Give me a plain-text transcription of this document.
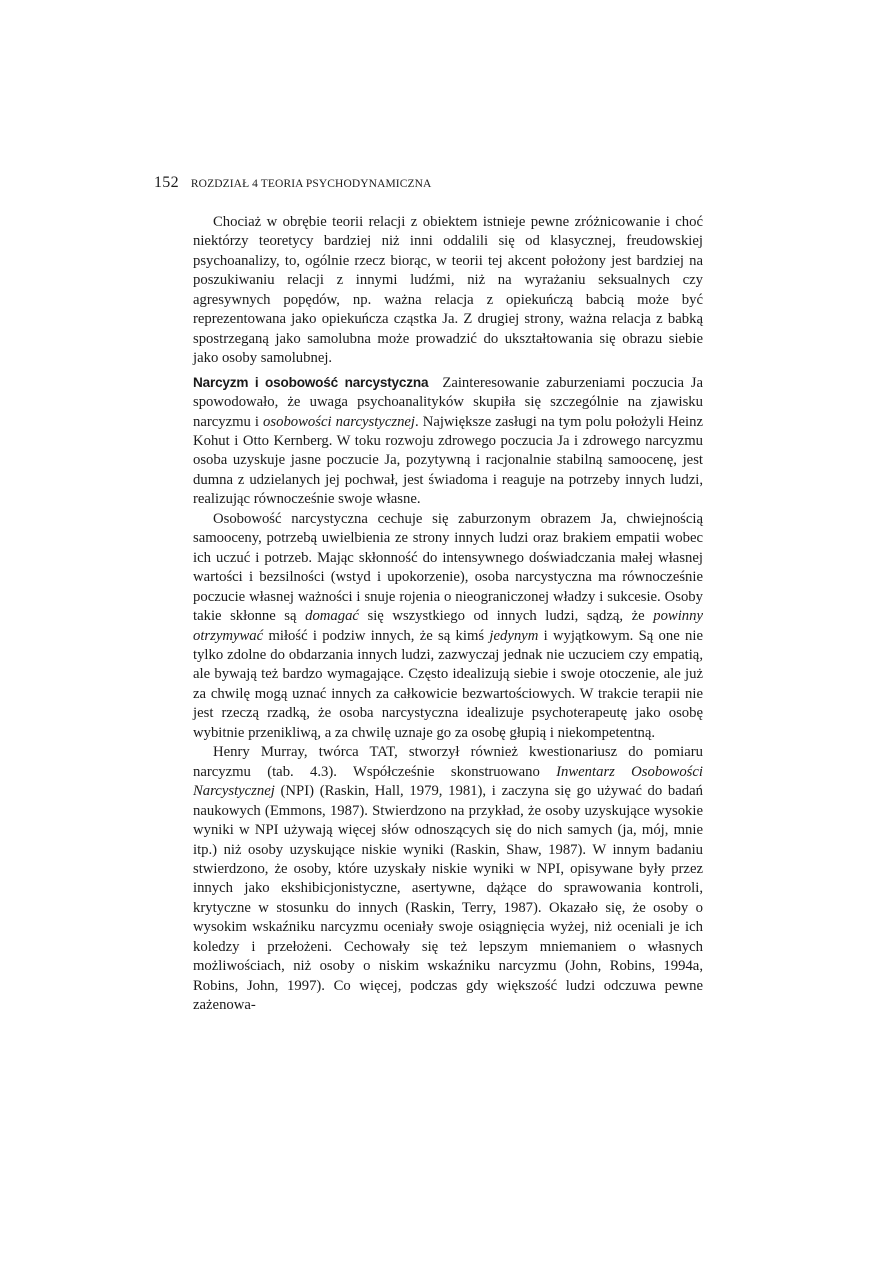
152 ROZDZIAŁ 4 TEORIA PSYCHODYNAMICZNA

Chociaż w obrębie teorii relacji z obiektem istnieje pewne zróżnicowanie i choć niektórzy teoretycy bardziej niż inni oddalili się od klasycznej, freudowskiej psychoanalizy, to, ogólnie rzecz biorąc, w teorii tej akcent położony jest bardziej na poszukiwaniu relacji z innymi ludźmi, niż na wyrażaniu seksualnych czy agresywnych popędów, np. ważna relacja z opiekuńczą babcią może być reprezentowana jako opiekuńcza cząstka Ja. Z drugiej strony, ważna relacja z babką spostrzeganą jako samolubna może prowadzić do ukształtowania się obrazu siebie jako osoby samolubnej.

Narcyzm i osobowość narcystyczna Zainteresowanie zaburzeniami poczucia Ja spowodowało, że uwaga psychoanalityków skupiła się szczególnie na zjawisku narcyzmu i osobowości narcystycznej. Największe zasługi na tym polu położyli Heinz Kohut i Otto Kernberg. W toku rozwoju zdrowego poczucia Ja i zdrowego narcyzmu osoba uzyskuje jasne poczucie Ja, pozytywną i racjonalnie stabilną samoocenę, jest dumna z udzielanych jej pochwał, jest świadoma i reaguje na potrzeby innych ludzi, realizując równocześnie swoje własne.

Osobowość narcystyczna cechuje się zaburzonym obrazem Ja, chwiejnością samooceny, potrzebą uwielbienia ze strony innych ludzi oraz brakiem empatii wobec ich uczuć i potrzeb. Mając skłonność do intensywnego doświadczania małej własnej wartości i bezsilności (wstyd i upokorzenie), osoba narcystyczna ma równocześnie poczucie własnej ważności i snuje rojenia o nieograniczonej władzy i sukcesie. Osoby takie skłonne są domagać się wszystkiego od innych ludzi, sądzą, że powinny otrzymywać miłość i podziw innych, że są kimś jedynym i wyjątkowym. Są one nie tylko zdolne do obdarzania innych ludzi, zazwyczaj jednak nie uczuciem czy empatią, ale bywają też bardzo wymagające. Często idealizują siebie i swoje otoczenie, ale już za chwilę mogą uznać innych za całkowicie bezwartościowych. W trakcie terapii nie jest rzeczą rzadką, że osoba narcystyczna idealizuje psychoterapeutę jako osobę wybitnie przenikliwą, a za chwilę uznaje go za osobę głupią i niekompetentną.

Henry Murray, twórca TAT, stworzył również kwestionariusz do pomiaru narcyzmu (tab. 4.3). Współcześnie skonstruowano Inwentarz Osobowości Narcystycznej (NPI) (Raskin, Hall, 1979, 1981), i zaczyna się go używać do badań naukowych (Emmons, 1987). Stwierdzono na przykład, że osoby uzyskujące wysokie wyniki w NPI używają więcej słów odnoszących się do nich samych (ja, mój, mnie itp.) niż osoby uzyskujące niskie wyniki (Raskin, Shaw, 1987). W innym badaniu stwierdzono, że osoby, które uzyskały niskie wyniki w NPI, opisywane były przez innych jako ekshibicjonistyczne, asertywne, dążące do sprawowania kontroli, krytyczne w stosunku do innych (Raskin, Terry, 1987). Okazało się, że osoby o wysokim wskaźniku narcyzmu oceniały swoje osiągnięcia wyżej, niż oceniali je ich koledzy i przełożeni. Cechowały się też lepszym mniemaniem o własnych możliwościach, niż osoby o niskim wskaźniku narcyzmu (John, Robins, 1994a, Robins, John, 1997). Co więcej, podczas gdy większość ludzi odczuwa pewne zażenowa-
